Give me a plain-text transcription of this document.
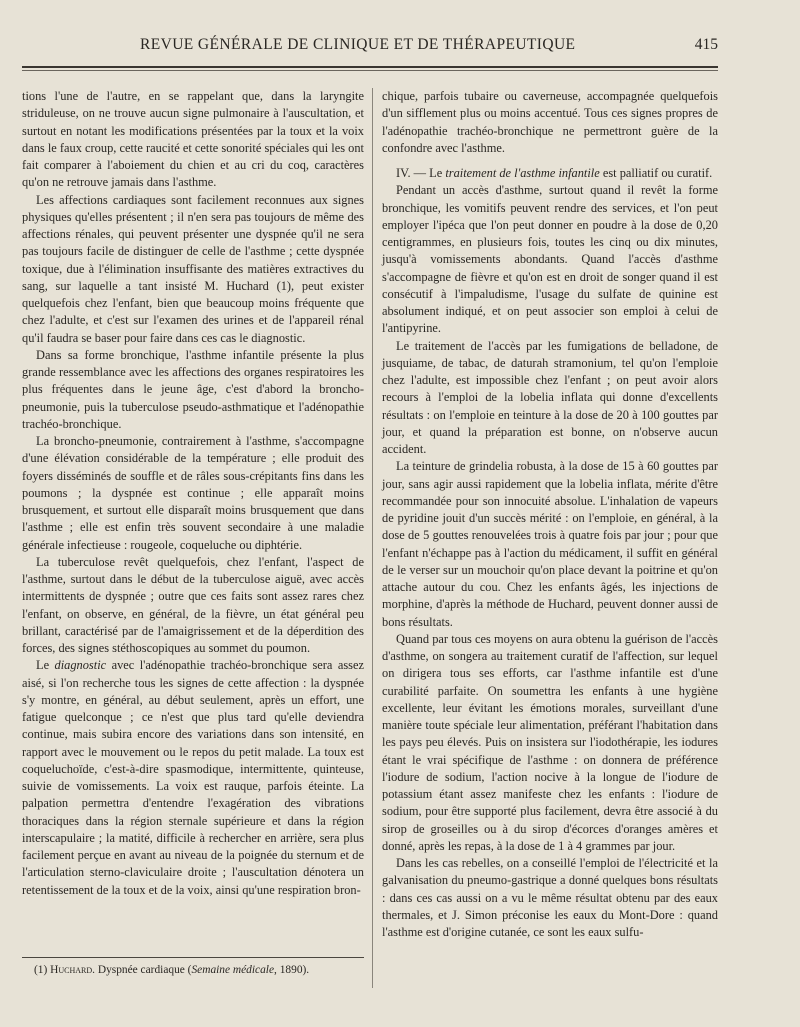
REVUE GÉNÉRALE DE CLINIQUE ET DE THÉRAPEUTIQUE	415

tions l'une de l'autre, en se rappelant que, dans la laryngite striduleuse, on ne trouve aucun signe pulmonaire à l'auscultation, et surtout en notant les modifications présentées par la toux et la voix dans le faux croup, cette raucité et cette sonorité spéciales qui les ont fait comparer à l'aboiement du chien et au cri du coq, caractères qu'on ne retrouve jamais dans l'asthme.

Les affections cardiaques sont facilement reconnues aux signes physiques qu'elles présentent ; il n'en sera pas toujours de même des affections rénales, qui peuvent présenter une dyspnée qu'il ne sera pas toujours facile de distinguer de celle de l'asthme ; cette dyspnée toxique, due à l'élimination insuffisante des matières extractives du sang, sur laquelle a tant insisté M. Huchard (1), peut exister quelquefois chez l'enfant, bien que beaucoup moins fréquente que chez l'adulte, et c'est sur l'examen des urines et de l'appareil rénal qu'il faudra se baser pour faire dans ces cas le diagnostic.

Dans sa forme bronchique, l'asthme infantile présente la plus grande ressemblance avec les affections des organes respiratoires les plus fréquentes dans le jeune âge, c'est d'abord la broncho-pneumonie, puis la tuberculose pseudo-asthmatique et l'adénopathie trachéo-bronchique.

La broncho-pneumonie, contrairement à l'asthme, s'accompagne d'une élévation considérable de la température ; elle produit des foyers disséminés de souffle et de râles sous-crépitants fins dans les poumons ; la dyspnée est continue ; elle apparaît moins brusquement, et surtout elle disparaît moins brusquement que dans l'asthme ; elle est enfin très souvent secondaire à une maladie générale infectieuse : rougeole, coqueluche ou diphtérie.

La tuberculose revêt quelquefois, chez l'enfant, l'aspect de l'asthme, surtout dans le début de la tuberculose aiguë, avec accès intermittents de dyspnée ; outre que ces faits sont assez rares chez l'enfant, on observe, en général, de la fièvre, un état général peu brillant, caractérisé par de l'amaigrissement et de la déperdition des forces, des signes stéthoscopiques au sommet du poumon.

Le diagnostic avec l'adénopathie trachéo-bronchique sera assez aisé, si l'on recherche tous les signes de cette affection : la dyspnée s'y montre, en général, au début seulement, après un effort, une fatigue quelconque ; ce n'est que plus tard qu'elle deviendra continue, mais subira encore des variations dans son intensité, en rapport avec le mouvement ou le repos du petit malade. La toux est coqueluchoïde, c'est-à-dire spasmodique, intermittente, quinteuse, suivie de vomissements. La voix est rauque, parfois éteinte. La palpation permettra d'entendre l'exagération des vibrations thoraciques dans la région sternale supérieure et dans la région interscapulaire ; la matité, difficile à rechercher en arrière, sera plus facilement perçue en avant au niveau de la poignée du sternum et de l'articulation sterno-claviculaire droite ; l'auscultation dénotera un retentissement de la toux et de la voix, ainsi qu'une respiration bron-

chique, parfois tubaire ou caverneuse, accompagnée quelquefois d'un sifflement plus ou moins accentué. Tous ces signes propres de l'adénopathie trachéo-bronchique ne permettront guère de la confondre avec l'asthme.

IV. — Le traitement de l'asthme infantile est palliatif ou curatif.

Pendant un accès d'asthme, surtout quand il revêt la forme bronchique, les vomitifs peuvent rendre des services, et l'on peut employer l'ipéca que l'on peut donner en poudre à la dose de 0,20 centigrammes, en plusieurs fois, toutes les cinq ou dix minutes, jusqu'à vomissements abondants. Quand l'accès d'asthme s'accompagne de fièvre et qu'on est en droit de songer quand il est consécutif à l'impaludisme, l'usage du sulfate de quinine est absolument indiqué, et on peut associer son emploi à celui de l'antipyrine.

Le traitement de l'accès par les fumigations de belladone, de jusquiame, de tabac, de daturah stramonium, tel qu'on l'emploie chez l'adulte, est impossible chez l'enfant ; on peut avoir alors recours à l'emploi de la lobelia inflata qui donne d'excellents résultats : on l'emploie en teinture à la dose de 20 à 100 gouttes par jour, et quand la préparation est bonne, on n'observe aucun accident.

La teinture de grindelia robusta, à la dose de 15 à 60 gouttes par jour, sans agir aussi rapidement que la lobelia inflata, mérite d'être recommandée pour son innocuité absolue. L'inhalation de vapeurs de pyridine jouit d'un succès mérité : on l'emploie, en général, à la dose de 5 gouttes renouvelées trois à quatre fois par jour ; pour que l'enfant n'échappe pas à l'action du médicament, il suffit en général de le verser sur un mouchoir qu'on place devant la poitrine et qu'on attache autour du cou. Chez les enfants âgés, les injections de morphine, d'après la méthode de Huchard, peuvent donner aussi de bons résultats.

Quand par tous ces moyens on aura obtenu la guérison de l'accès d'asthme, on songera au traitement curatif de l'affection, sur lequel on dirigera tous ses efforts, car l'asthme infantile est d'une curabilité parfaite. On soumettra les enfants à une hygiène excellente, leur évitant les émotions morales, surveillant d'une manière toute spéciale leur alimentation, préférant l'habitation dans les pays peu élevés. Puis on insistera sur l'iodothérapie, les iodures étant le vrai spécifique de l'asthme : on donnera de préférence l'iodure de sodium, l'action nocive à la longue de l'iodure de potassium étant assez manifeste chez les enfants : l'iodure de sodium, pour être supporté plus facilement, devra être associé à du sirop de groseilles ou à du sirop d'écorces d'oranges amères et donné, après les repas, à la dose de 1 à 4 grammes par jour.

Dans les cas rebelles, on a conseillé l'emploi de l'électricité et la galvanisation du pneumo-gastrique a donné quelques bons résultats : dans ces cas aussi on a vu le même résultat obtenu par des eaux thermales, et J. Simon préconise les eaux du Mont-Dore : quand l'asthme est d'origine cutanée, ce sont les eaux sulfu-

(1) Huchard. Dyspnée cardiaque (Semaine médicale, 1890).
